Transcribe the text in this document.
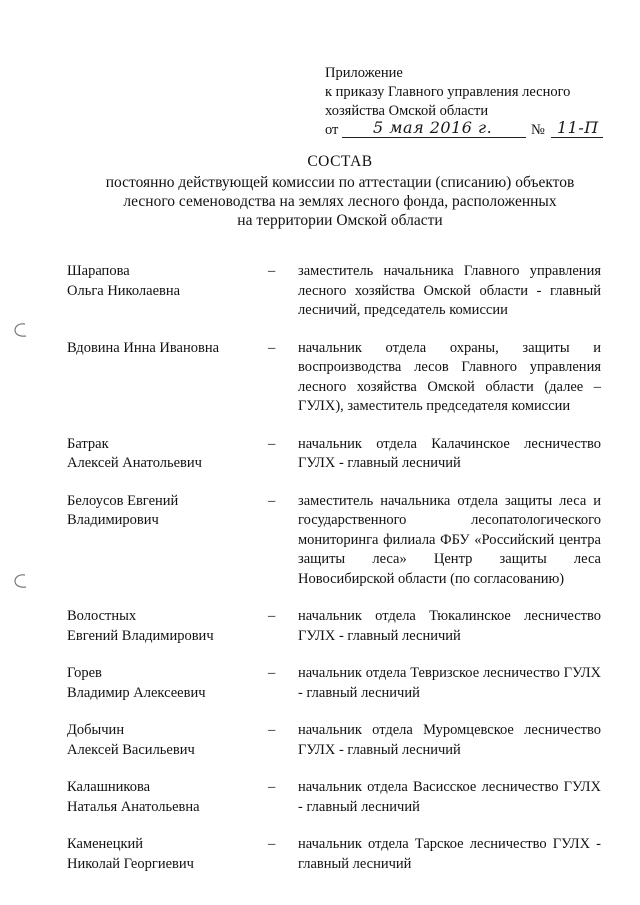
Приложение
к приказу Главного управления лесного
хозяйства Омской области
от 5 мая 2016 г.	№ 11-П
СОСТАВ
постоянно действующей комиссии по аттестации (списанию) объектов
лесного семеноводства на землях лесного фонда, расположенных
на территории Омской области
Шарапова
Ольга Николаевна
– заместитель начальника Главного управления лесного хозяйства Омской области - главный лесничий, председатель комиссии
Вдовина Инна Ивановна	– начальник отдела охраны, защиты и воспроизводства лесов Главного управления лесного хозяйства Омской области (далее – ГУЛХ), заместитель председателя комиссии
Батрак
Алексей Анатольевич
– начальник отдела Калачинское лесничество ГУЛХ - главный лесничий
Белоусов Евгений
Владимирович
– заместитель начальника отдела защиты леса и государственного лесопатологического мониторинга филиала ФБУ «Российский центра защиты леса» Центр защиты леса Новосибирской области (по согласованию)
Волостных
Евгений Владимирович
– начальник отдела Тюкалинское лесничество ГУЛХ - главный лесничий
Горев
Владимир Алексеевич
– начальник отдела Тевризское лесничество ГУЛХ - главный лесничий
Добычин
Алексей Васильевич
– начальник отдела Муромцевское лесничество ГУЛХ - главный лесничий
Калашникова
Наталья Анатольевна
– начальник отдела Васисское лесничество ГУЛХ - главный лесничий
Каменецкий
Николай Георгиевич
– начальник отдела Тарское лесничество ГУЛХ - главный лесничий
